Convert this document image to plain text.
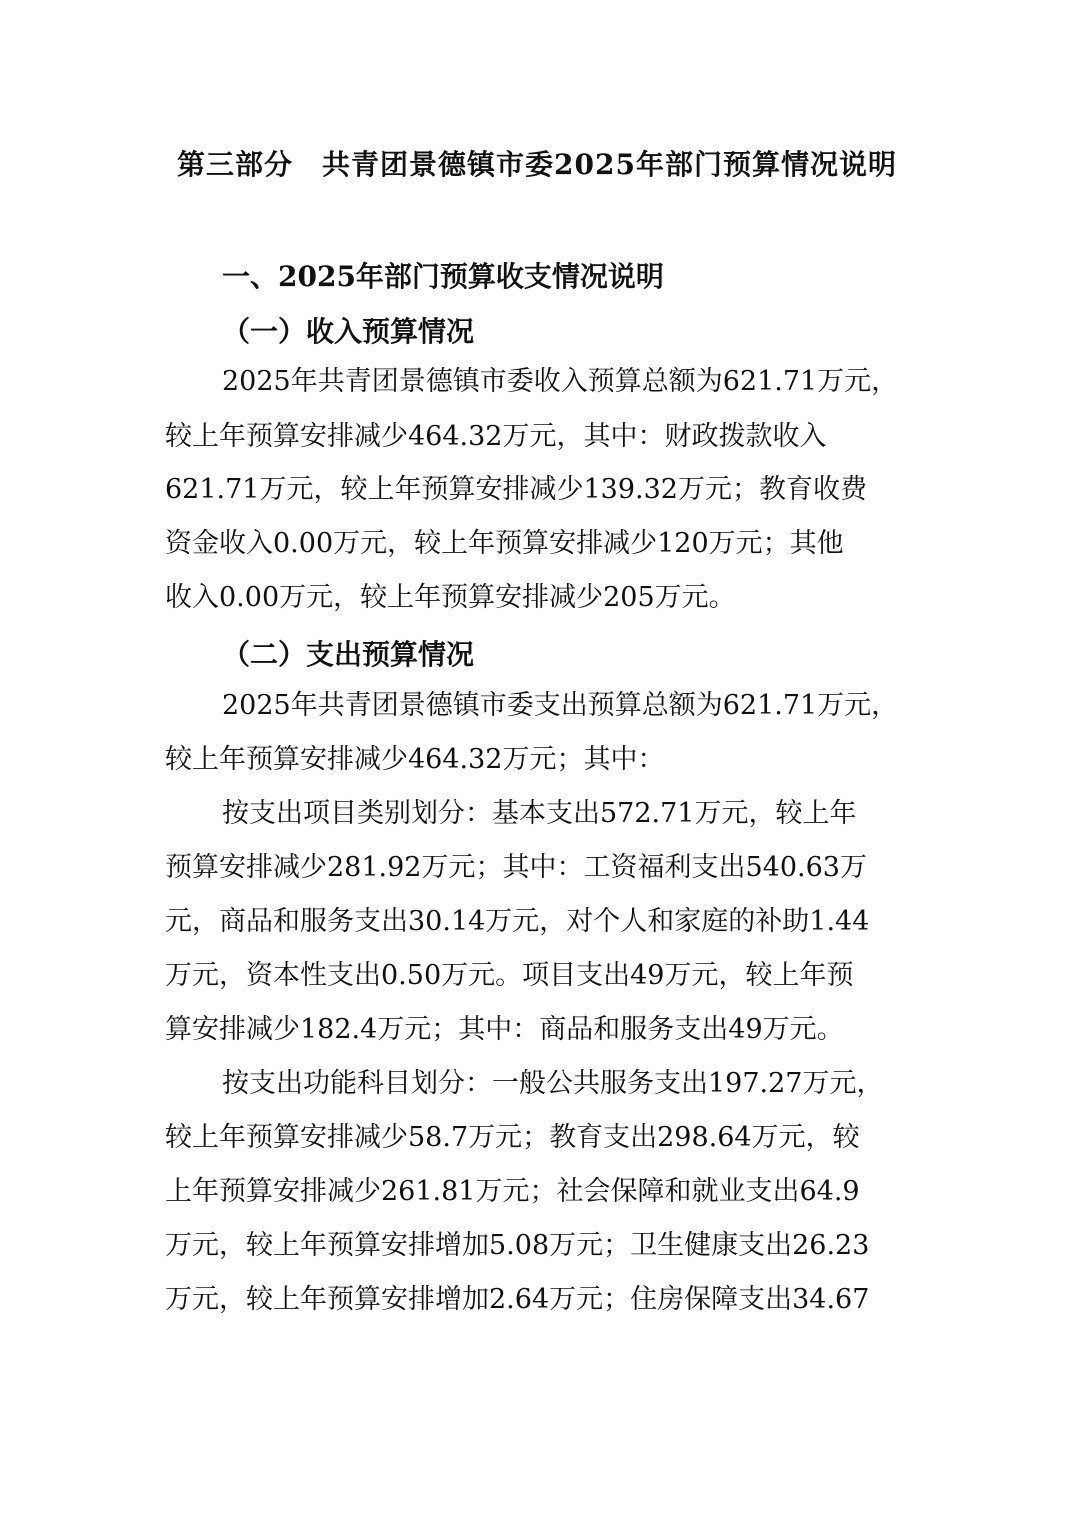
第三部分　共青团景德镇市委2025年部门预算情况说明
一、2025年部门预算收支情况说明
（一）收入预算情况

2025年共青团景德镇市委收入预算总额为621.71万元，

较上年预算安排减少464.32万元，其中：财政拨款收入

621.71万元，较上年预算安排减少139.32万元；教育收费

资金收入0.00万元，较上年预算安排减少120万元；其他

收入0.00万元，较上年预算安排减少205万元。

（二）支出预算情况

2025年共青团景德镇市委支出预算总额为621.71万元，

较上年预算安排减少464.32万元；其中：

按支出项目类别划分：基本支出572.71万元，较上年

预算安排减少281.92万元；其中：工资福利支出540.63万

元，商品和服务支出30.14万元，对个人和家庭的补助1.44

万元，资本性支出0.50万元。项目支出49万元，较上年预

算安排减少182.4万元；其中：商品和服务支出49万元。

按支出功能科目划分：一般公共服务支出197.27万元，

较上年预算安排减少58.7万元；教育支出298.64万元，较

上年预算安排减少261.81万元；社会保障和就业支出64.9

万元，较上年预算安排增加5.08万元；卫生健康支出26.23

万元，较上年预算安排增加2.64万元；住房保障支出34.67
